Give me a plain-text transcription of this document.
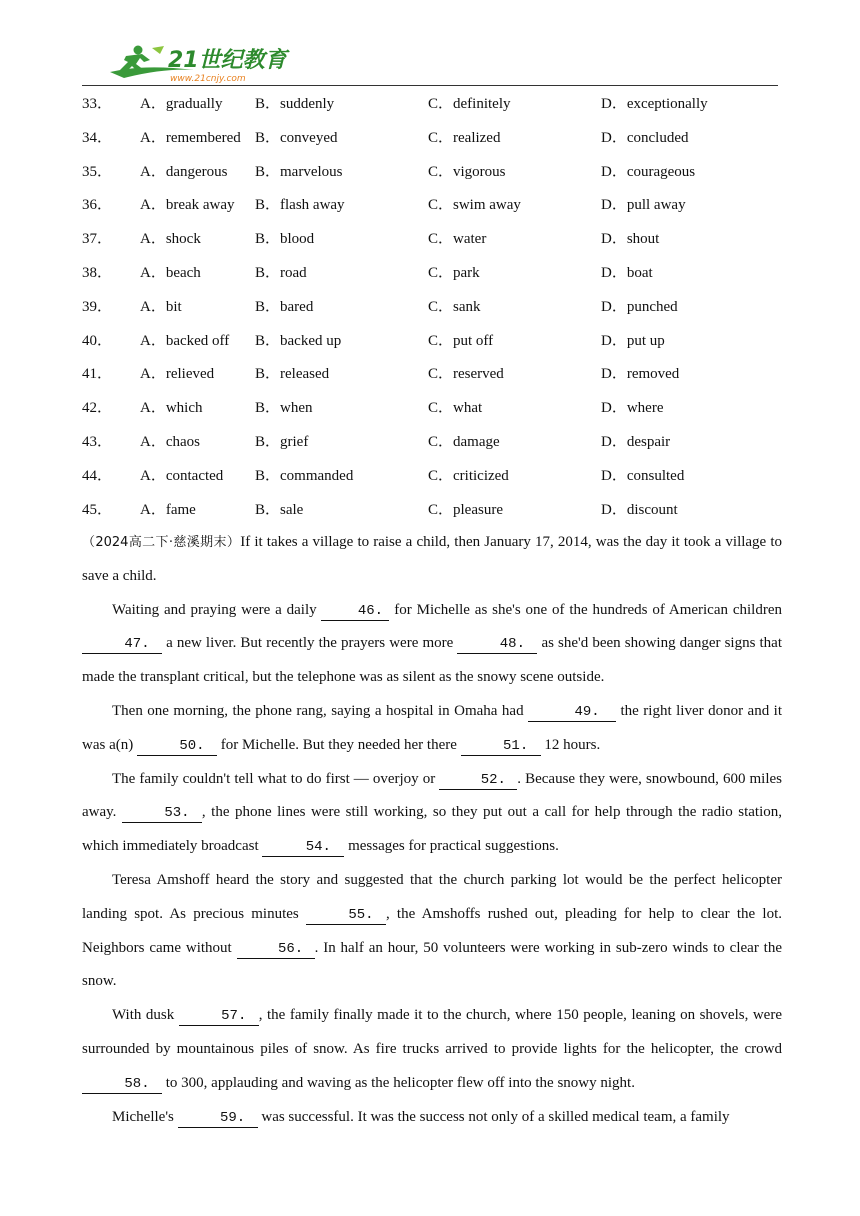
21世纪教育
www.21cnjy.com
33． A．gradually B．suddenly	C．definitely	D．exceptionally
34． A．remembered B．conveyed	C．realized	D．concluded
35． A．dangerous B．marvelous	C．vigorous	D．courageous
36． A．break away B．flash away	C．swim away	D．pull away
37． A．shock	B．blood	C．water	D．shout
38． A．beach	B．road	C．park	D．boat
39． A．bit	B．bared	C．sank	D．punched
40． A．backed off B．backed up	C．put off	D．put up
41． A．relieved	B．released	C．reserved	D．removed
42． A．which	B．when	C．what	D．where
43． A．chaos	B．grief	C．damage	D．despair
44． A．contacted B．commanded	C．criticized	D．consulted
45． A．fame	B．sale	C．pleasure	D．discount

（2024高二下·慈溪期末）If it takes a village to raise a child, then January 17, 2014, was the day it took a village to save a child.

Waiting and praying were a daily	46. for Michelle as she's one of the hundreds of American children 47. a new liver. But recently the prayers were more	48. as she'd been showing danger signs that made the transplant critical, but the telephone was as silent as the snowy scene outside.

Then one morning, the phone rang, saying a hospital in Omaha had	49. the right liver donor and it was a(n)	50. for Michelle. But they needed her there	51. 12 hours.

The family couldn't tell what to do first — overjoy or	52. . Because they were, snowbound, 600 miles away.	53. , the phone lines were still working, so they put out a call for help through the radio station, which immediately broadcast	54. messages for practical suggestions.

Teresa Amshoff heard the story and suggested that the church parking lot would be the perfect helicopter landing spot. As precious minutes	55. , the Amshoffs rushed out, pleading for help to clear the lot. Neighbors came without	56. . In half an hour, 50 volunteers were working in sub-zero winds to clear the snow.

With dusk	57. , the family finally made it to the church, where 150 people, leaning on shovels, were surrounded by mountainous piles of snow. As fire trucks arrived to provide lights for the helicopter, the crowd 58. to 300, applauding and waving as the helicopter flew off into the snowy night.

Michelle's	59. was successful. It was the success not only of a skilled medical team, a family
